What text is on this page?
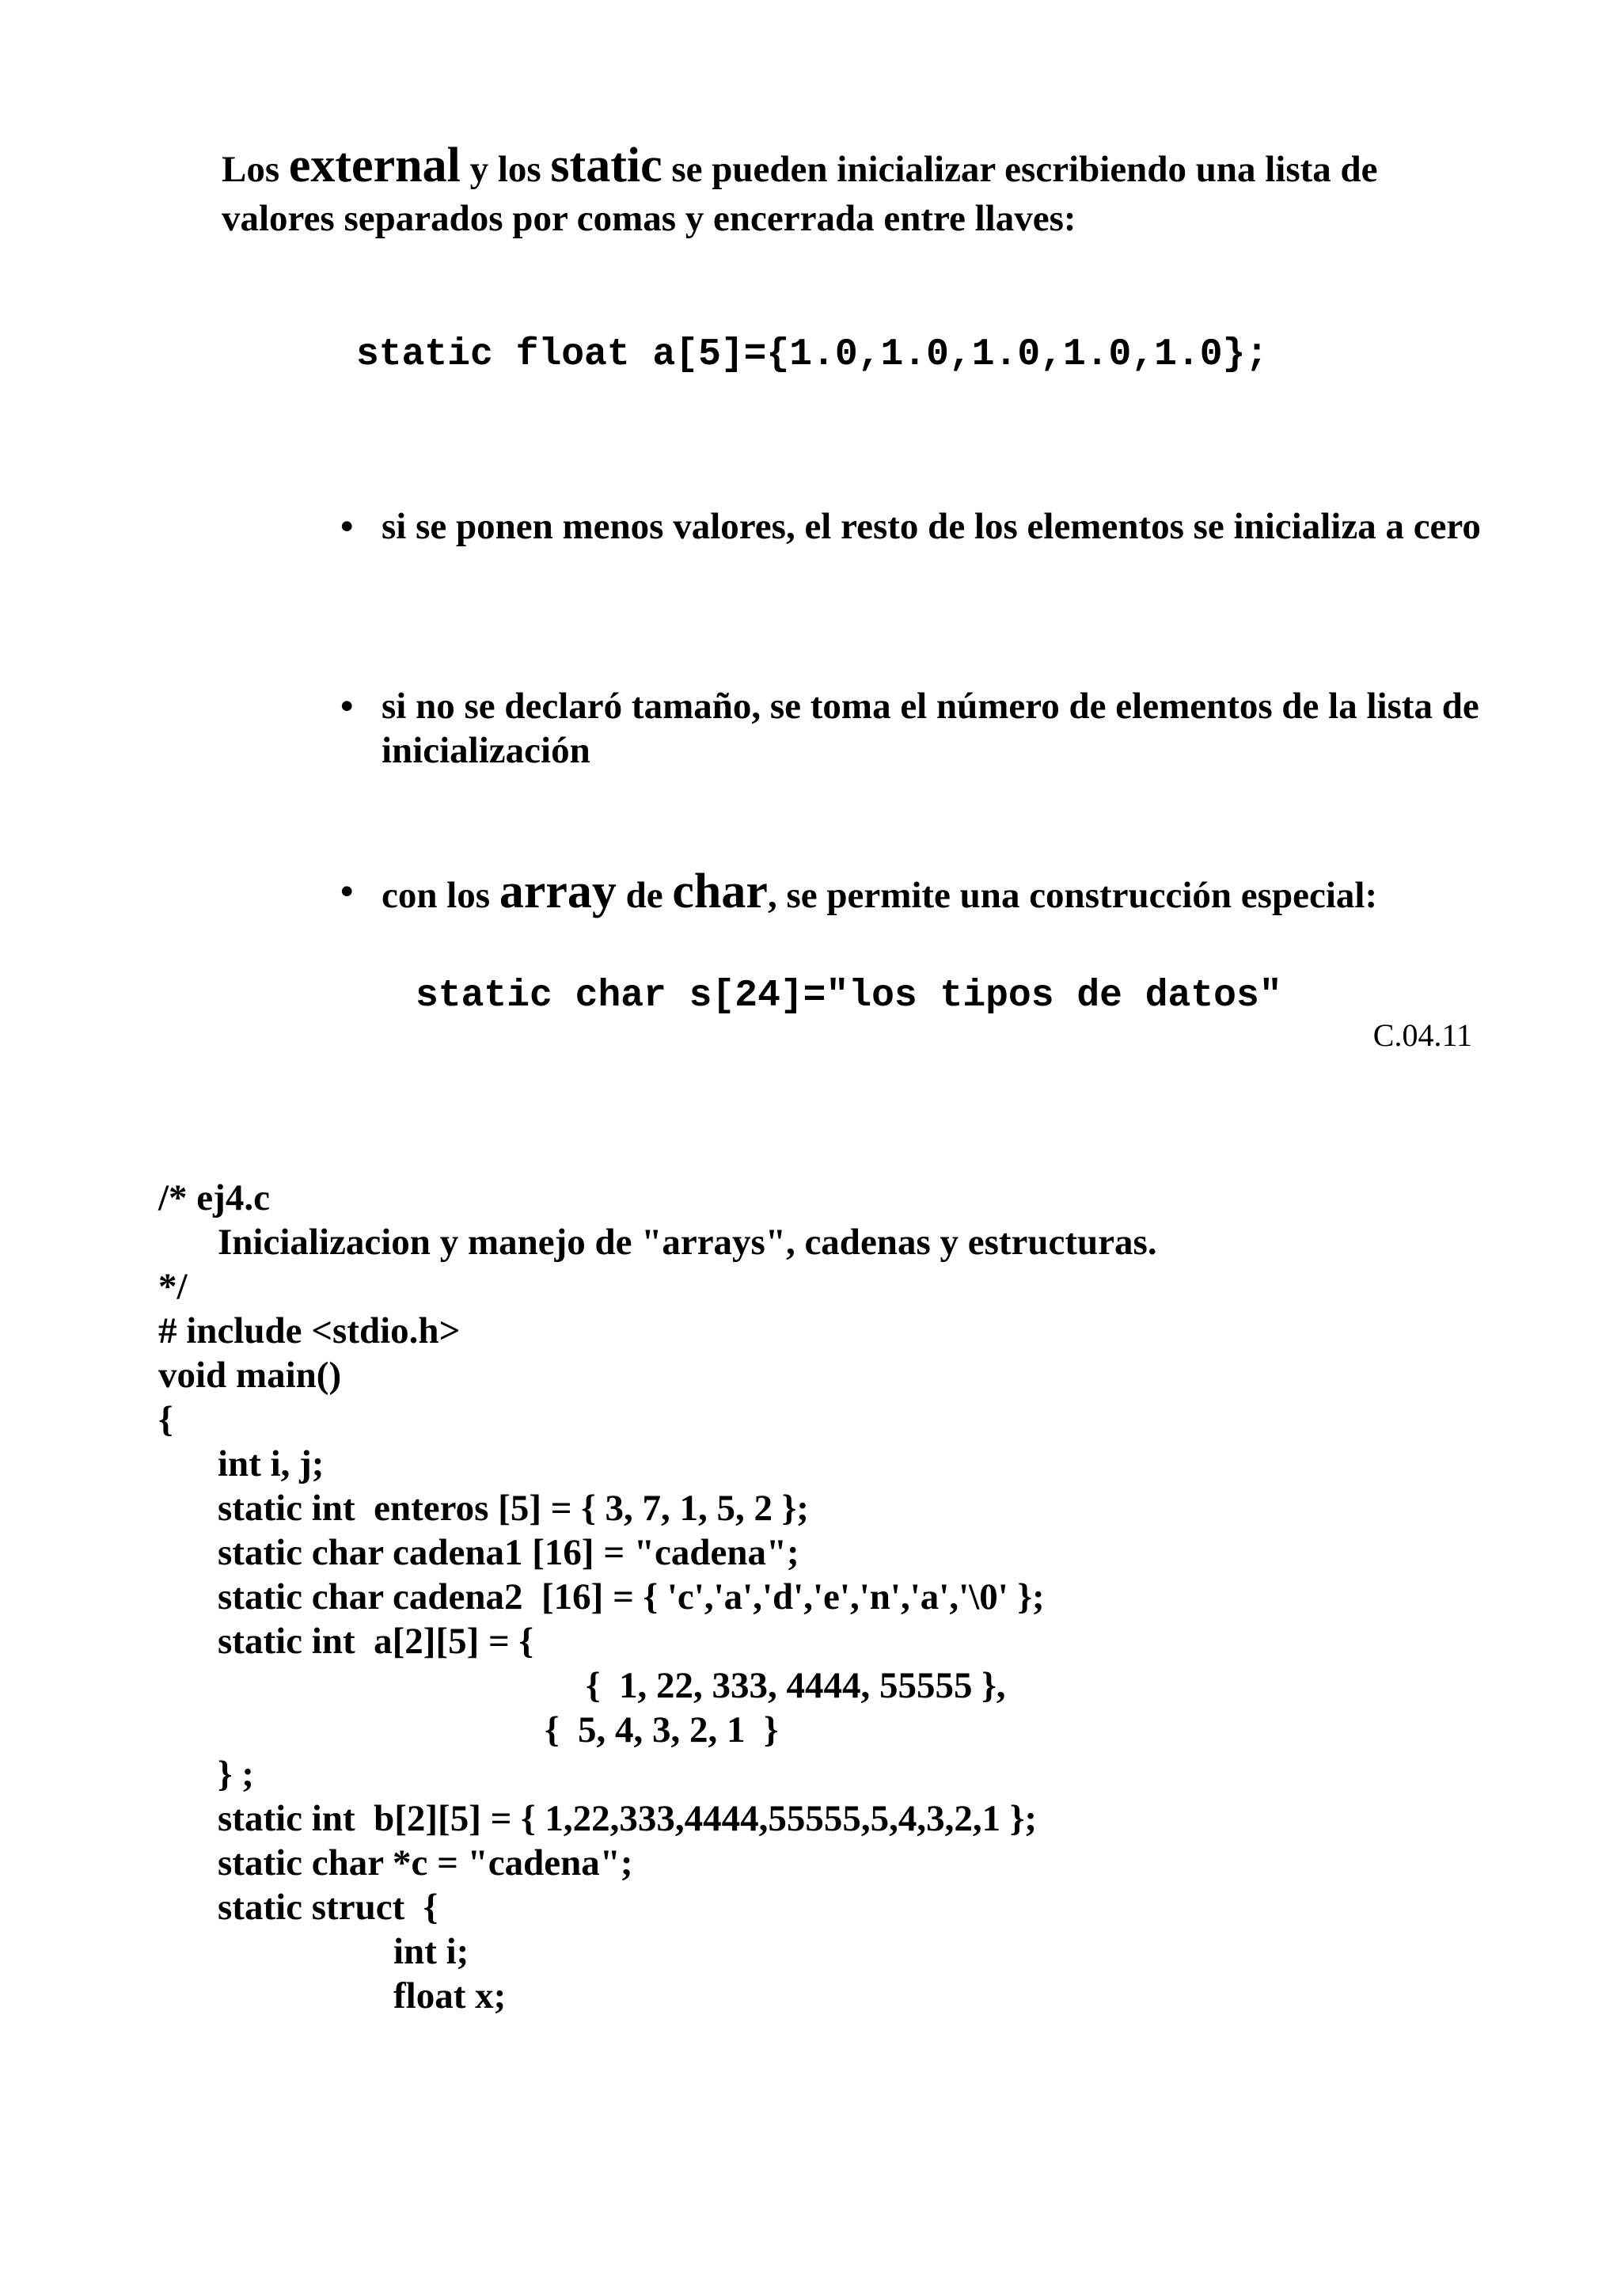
Los external y los static se pueden inicializar escribiendo una lista de valores separados por comas y encerrada entre llaves:
static float a[5]={1.0,1.0,1.0,1.0,1.0};
• si se ponen menos valores, el resto de los elementos se inicializa a cero
• si no se declaró tamaño, se toma el número de elementos de la lista de inicialización
• con los array de char, se permite una construcción especial:
static char s[24]="los tipos de datos"
C.04.11
/* ej4.c
Inicializacion y manejo de "arrays", cadenas y estructuras.
*/
# include <stdio.h>
void main()
{
int i, j;
static int  enteros [5] = { 3, 7, 1, 5, 2 };
static char cadena1 [16] = "cadena";
static char cadena2  [16] = { 'c','a','d','e','n','a','\0' };
static int  a[2][5] = {
{  1, 22, 333, 4444, 55555 },
{  5, 4, 3, 2, 1  }
} ;
static int  b[2][5] = { 1,22,333,4444,55555,5,4,3,2,1 };
static char *c = "cadena";
static struct  {
int i;
float x;
